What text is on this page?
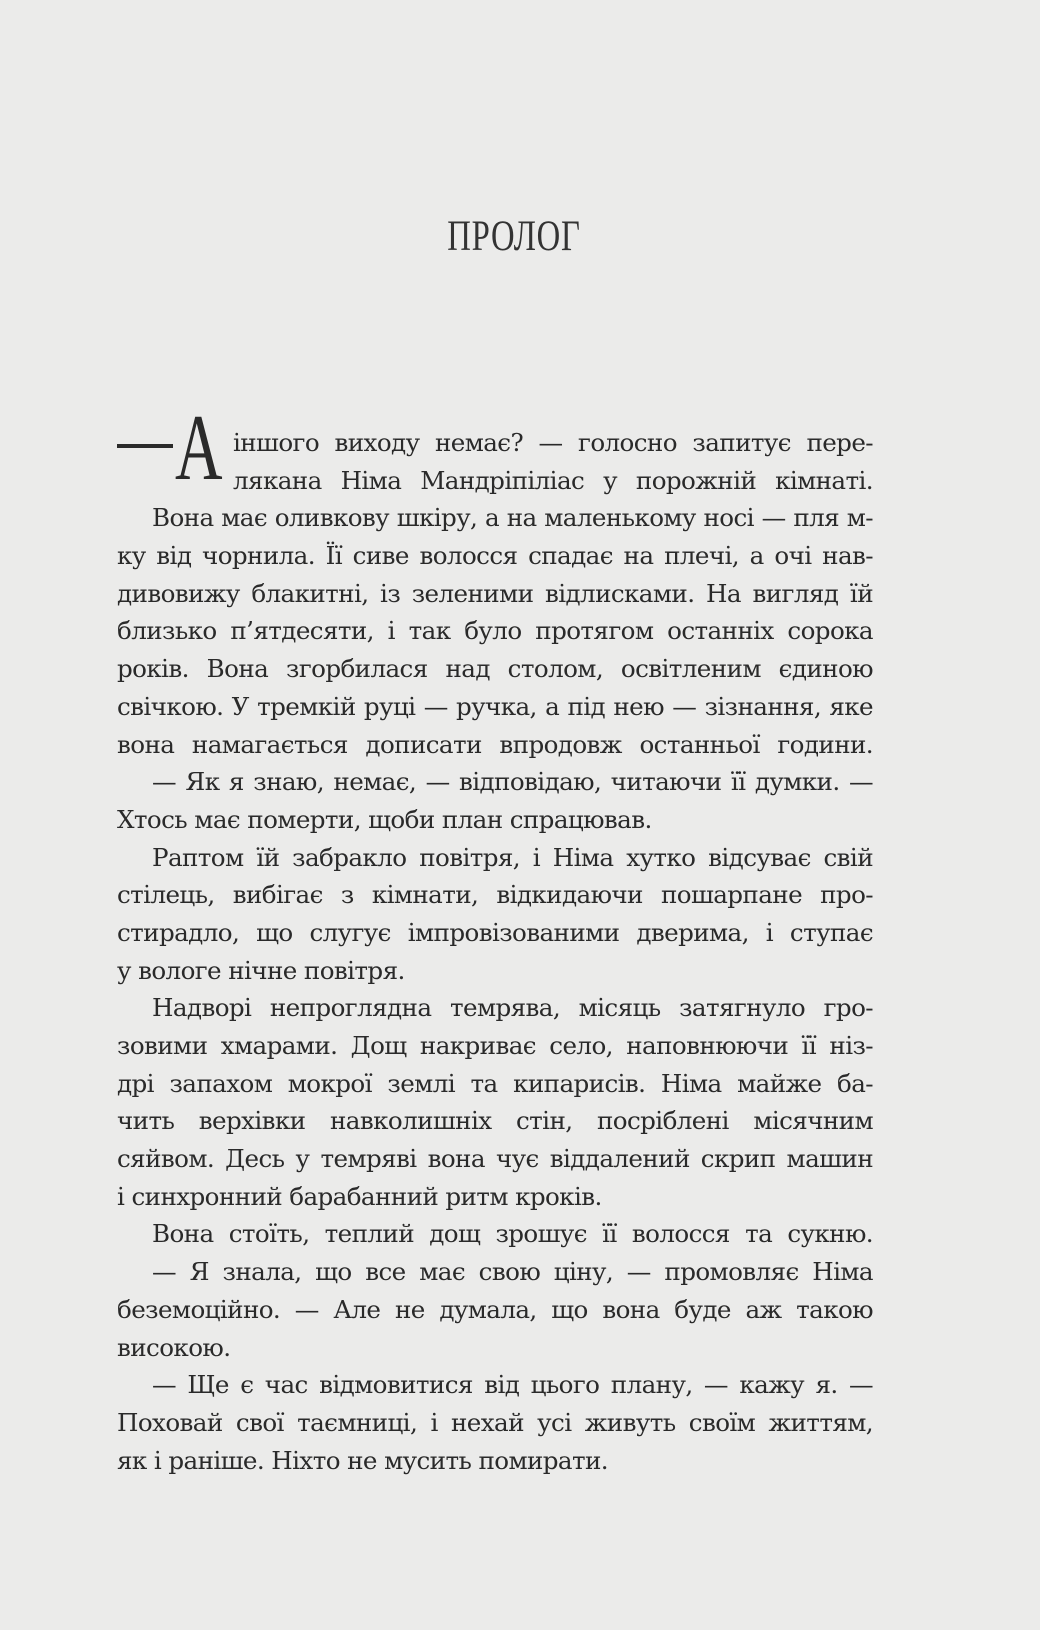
ПРОЛОГ
А іншого виходу немає? — голосно запитує пере-
лякана Німа Мандріпіліас у порожній кімнаті.
Вона має оливкову шкіру, а на маленькому носі — пля м-
ку від чорнила. Її сиве волосся спадає на плечі, а очі нав-
дивовижу блакитні, із зеленими відлисками. На вигляд їй
близько п’ятдесяти, і так було протягом останніх сорока
років. Вона згорбилася над столом, освітленим єдиною
свічкою. У тремкій руці — ручка, а під нею — зізнання, яке
вона намагається дописати впродовж останньої години.
— Як я знаю, немає, — відповідаю, читаючи її думки. —
Хтось має померти, щоби план спрацював.
Раптом їй забракло повітря, і Німа хутко відсуває свій
стілець, вибігає з кімнати, відкидаючи пошарпане про-
стирадло, що слугує імпровізованими дверима, і ступає
у вологе нічне повітря.
Надворі непроглядна темрява, місяць затягнуло гро-
зовими хмарами. Дощ накриває село, наповнюючи її ніз-
дрі запахом мокрої землі та кипарисів. Німа майже ба-
чить верхівки навколишніх стін, посріблені місячним
сяйвом. Десь у темряві вона чує віддалений скрип машин
і синхронний барабанний ритм кроків.
Вона стоїть, теплий дощ зрошує її волосся та сукню.
— Я знала, що все має свою ціну, — промовляє Німа
беземоційно. — Але не думала, що вона буде аж такою
високою.
— Ще є час відмовитися від цього плану, — кажу я. —
Поховай свої таємниці, і нехай усі живуть своїм життям,
як і раніше. Ніхто не мусить помирати.
